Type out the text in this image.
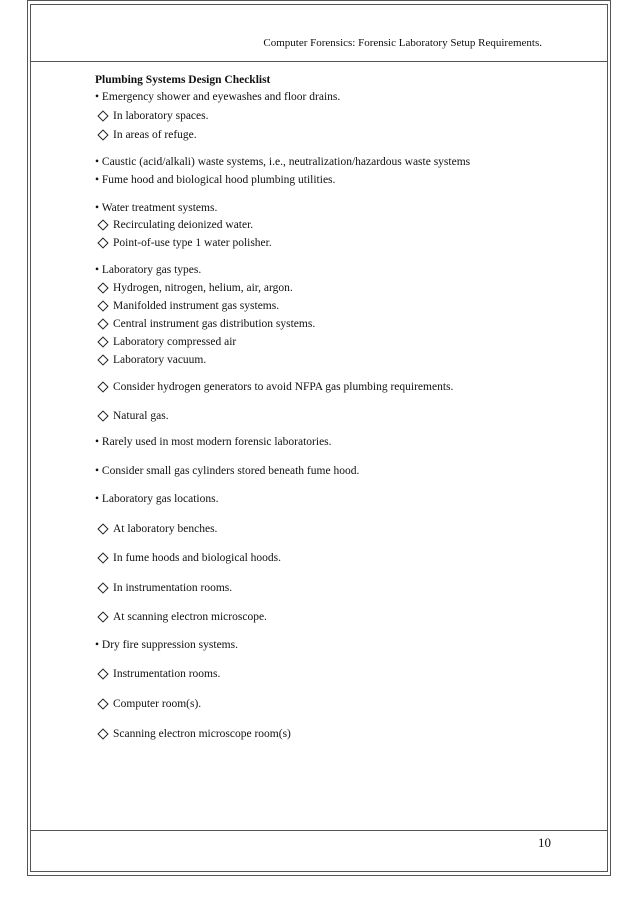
Computer Forensics: Forensic Laboratory Setup Requirements.
Plumbing Systems Design Checklist
• Emergency shower and eyewashes and floor drains.
In laboratory spaces.
In areas of refuge.
• Caustic (acid/alkali) waste systems, i.e., neutralization/hazardous waste systems
• Fume hood and biological hood plumbing utilities.
• Water treatment systems.
Recirculating deionized water.
Point-of-use type 1 water polisher.
• Laboratory gas types.
Hydrogen, nitrogen, helium, air, argon.
Manifolded instrument gas systems.
Central instrument gas distribution systems.
Laboratory compressed air
Laboratory vacuum.
Consider hydrogen generators to avoid NFPA gas plumbing requirements.
Natural gas.
• Rarely used in most modern forensic laboratories.
• Consider small gas cylinders stored beneath fume hood.
• Laboratory gas locations.
At laboratory benches.
In fume hoods and biological hoods.
In instrumentation rooms.
At scanning electron microscope.
• Dry fire suppression systems.
Instrumentation rooms.
Computer room(s).
Scanning electron microscope room(s)
10
